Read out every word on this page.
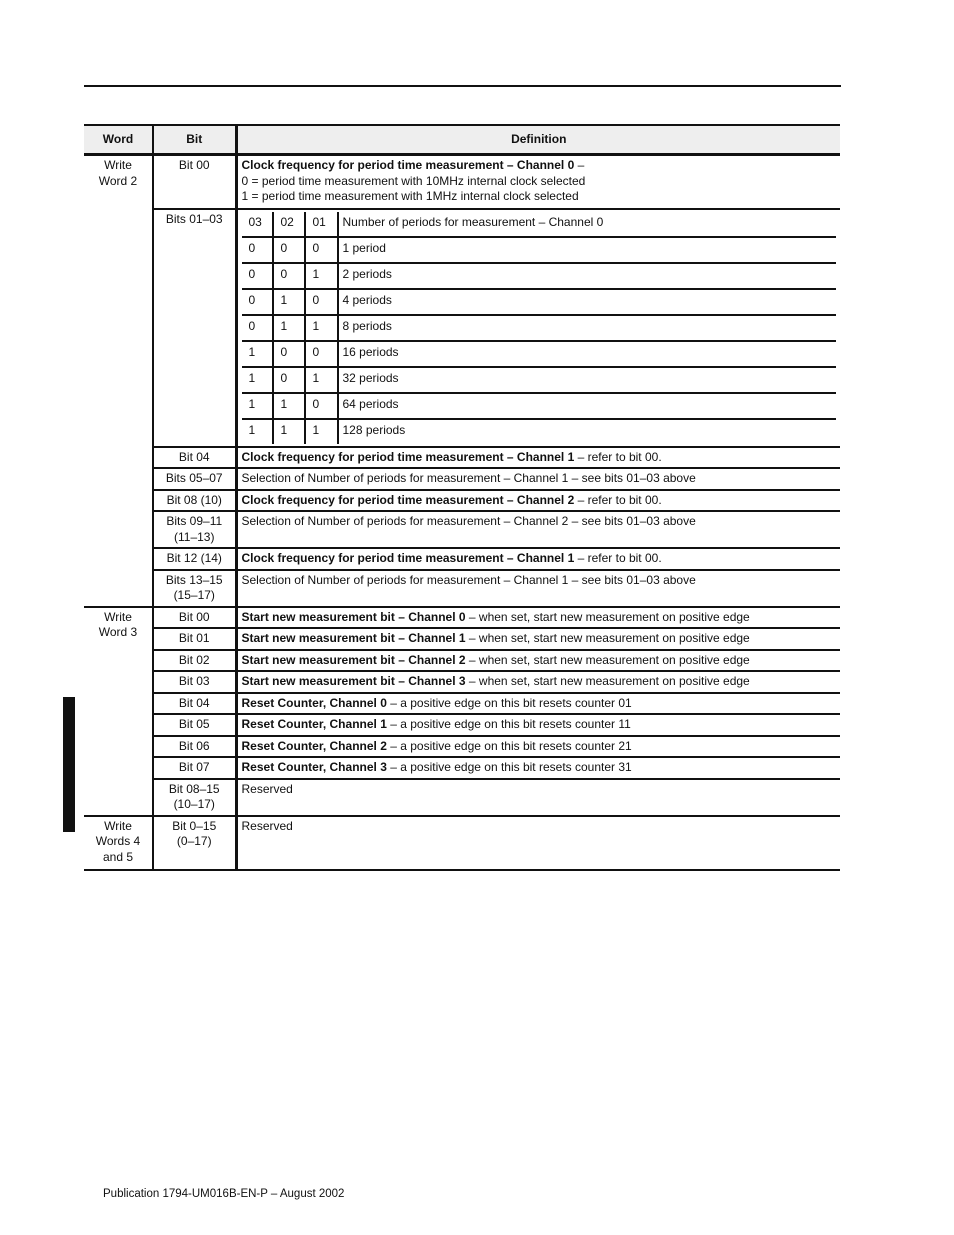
Word	Bit	Definition
Write
Word 2	Bit 00	Clock frequency for period time measurement – Channel 0 –
0 = period time measurement with 10MHz internal clock selected
1 = period time measurement with 1MHz internal clock selected
Bits 01–03	03	02	01	Number of periods for measurement – Channel 0
0	0	0	1 period
0	0	1	2 periods
0	1	0	4 periods
0	1	1	8 periods
1	0	0	16 periods
1	0	1	32 periods
1	1	0	64 periods
1	1	1	128 periods

Bit 04	Clock frequency for period time measurement – Channel 1 – refer to bit 00.
Bits 05–07	Selection of Number of periods for measurement – Channel 1 – see bits 01–03 above
Bit 08 (10)	Clock frequency for period time measurement – Channel 2 – refer to bit 00.
Bits 09–11
(11–13)	Selection of Number of periods for measurement – Channel 2 – see bits 01–03 above
Bit 12 (14)	Clock frequency for period time measurement – Channel 1 – refer to bit 00.
Bits 13–15
(15–17)	Selection of Number of periods for measurement – Channel 1 – see bits 01–03 above
Write
Word 3	Bit 00	Start new measurement bit – Channel 0 – when set, start new measurement on positive edge
Bit 01	Start new measurement bit – Channel 1 – when set, start new measurement on positive edge
Bit 02	Start new measurement bit – Channel 2 – when set, start new measurement on positive edge
Bit 03	Start new measurement bit – Channel 3 – when set, start new measurement on positive edge
Bit 04	Reset Counter, Channel 0 – a positive edge on this bit resets counter 01
Bit 05	Reset Counter, Channel 1 – a positive edge on this bit resets counter 11
Bit 06	Reset Counter, Channel 2 – a positive edge on this bit resets counter 21
Bit 07	Reset Counter, Channel 3 – a positive edge on this bit resets counter 31
Bit 08–15
(10–17)	Reserved
Write
Words 4
and 5	Bit 0–15
(0–17)	Reserved
Publication 1794-UM016B-EN-P – August 2002
